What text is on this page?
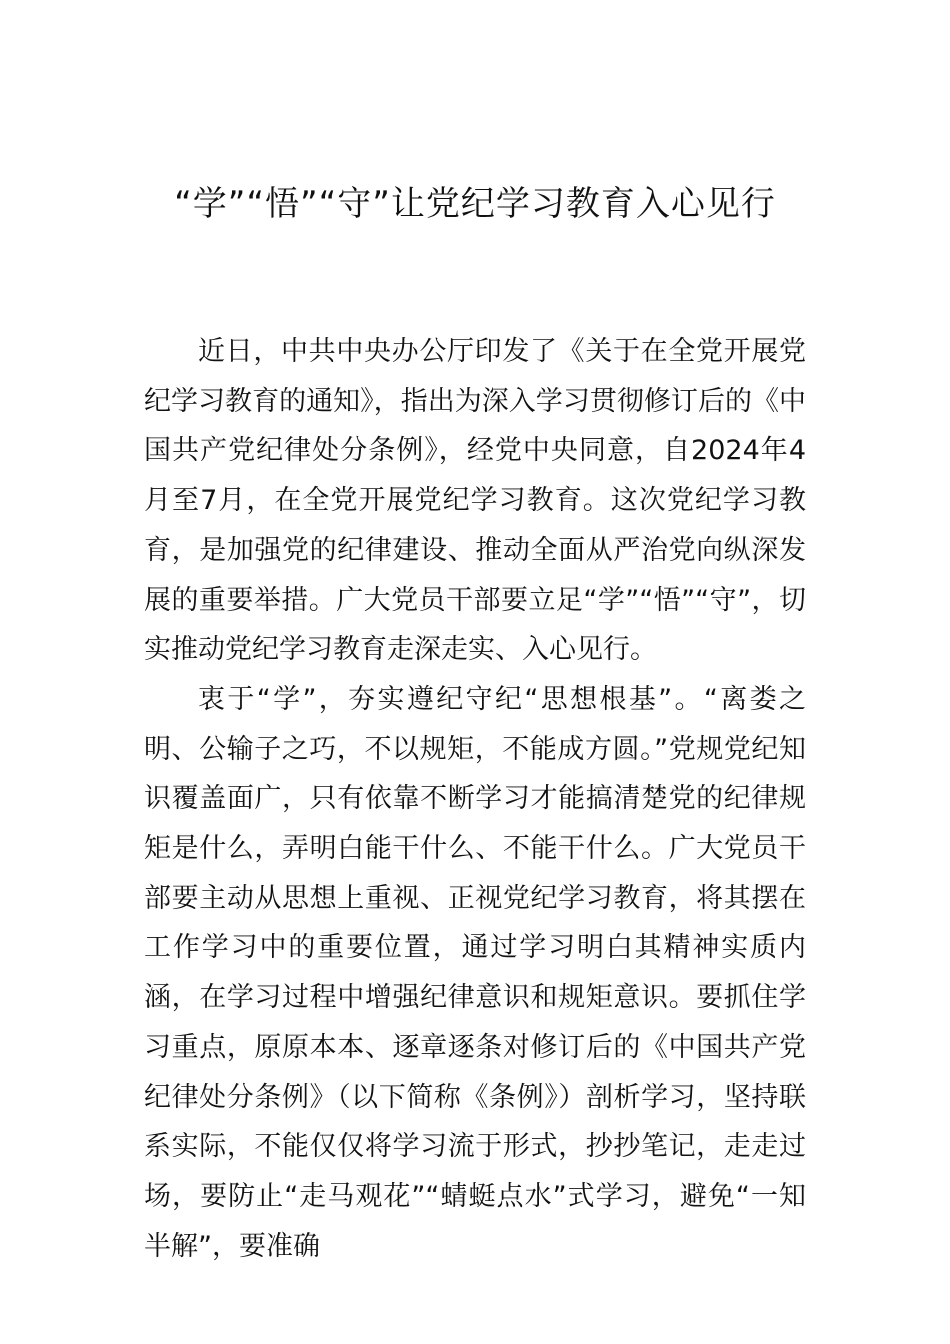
“学”“悟”“守”让党纪学习教育入心见行

近日，中共中央办公厅印发了《关于在全党开展党纪学习教育的通知》，指出为深入学习贯彻修订后的《中国共产党纪律处分条例》，经党中央同意，自2024年4月至7月，在全党开展党纪学习教育。这次党纪学习教育，是加强党的纪律建设、推动全面从严治党向纵深发展的重要举措。广大党员干部要立足“学”“悟”“守”，切实推动党纪学习教育走深走实、入心见行。

衷于“学”，夯实遵纪守纪“思想根基”。“离娄之明、公输子之巧，不以规矩，不能成方圆。”党规党纪知识覆盖面广，只有依靠不断学习才能搞清楚党的纪律规矩是什么，弄明白能干什么、不能干什么。广大党员干部要主动从思想上重视、正视党纪学习教育，将其摆在工作学习中的重要位置，通过学习明白其精神实质内涵，在学习过程中增强纪律意识和规矩意识。要抓住学习重点，原原本本、逐章逐条对修订后的《中国共产党纪律处分条例》（以下简称《条例》）剖析学习，坚持联系实际，不能仅仅将学习流于形式，抄抄笔记，走走过场，要防止“走马观花”“蜻蜓点水”式学习，避免“一知半解”，要准确
